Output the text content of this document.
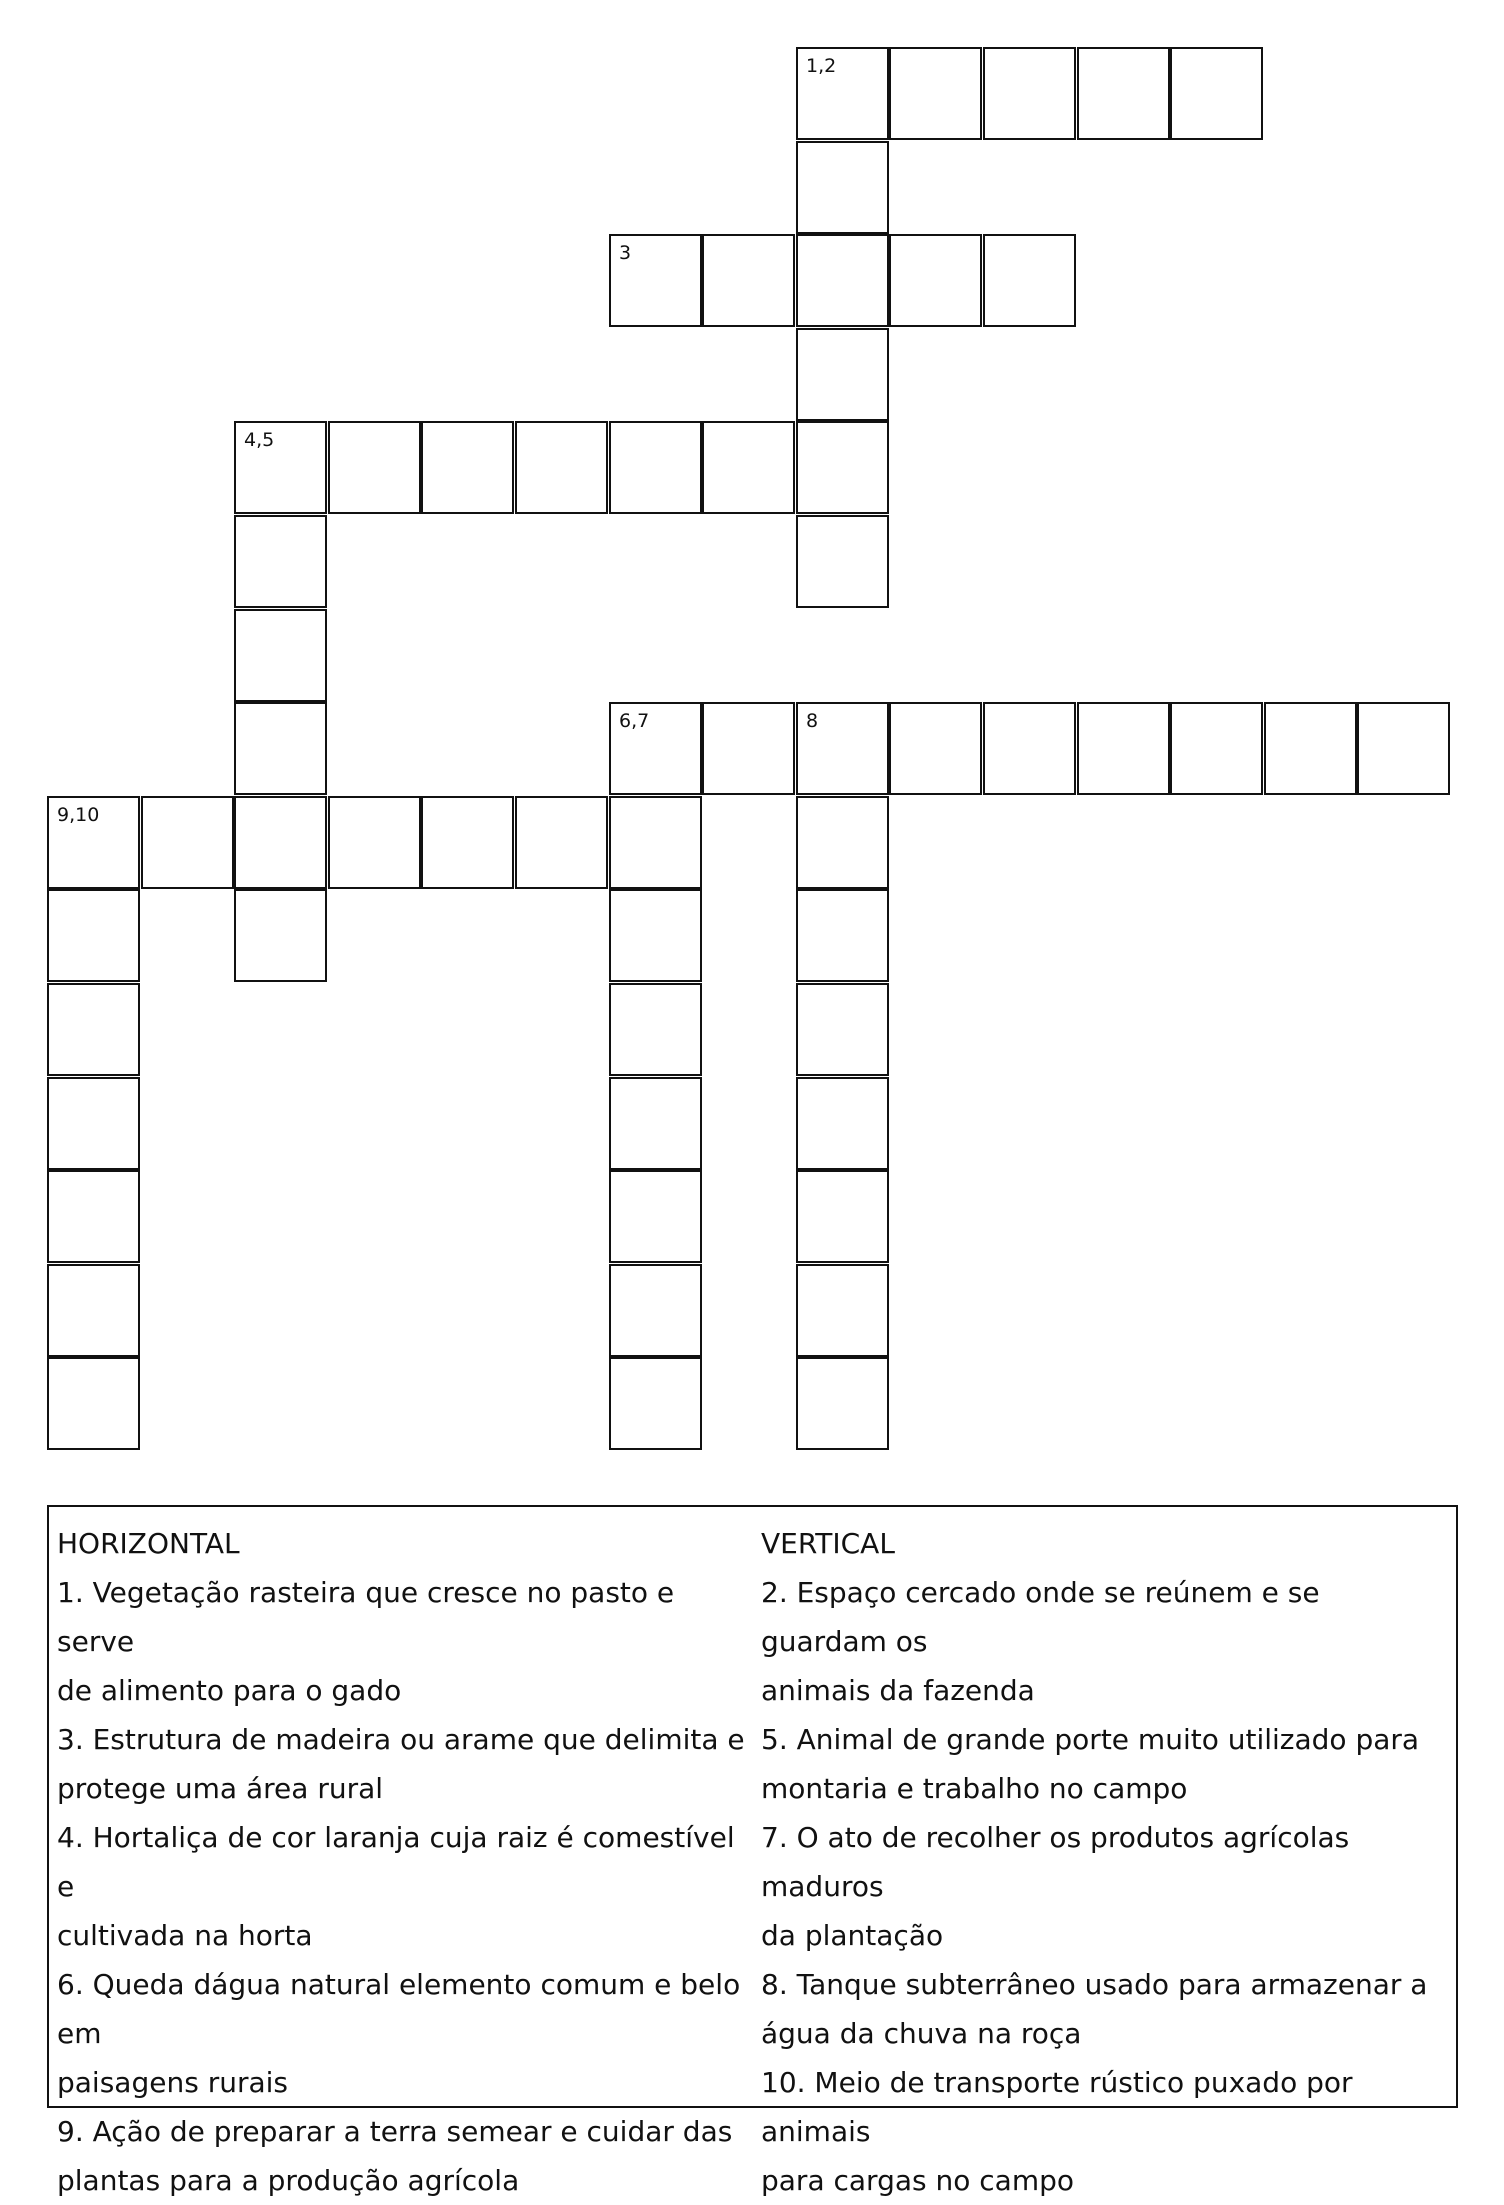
1,2
3
4,5
6,7	8
9,10
HORIZONTAL
1. Vegetação rasteira que cresce no pasto e serve
de alimento para o gado
3. Estrutura de madeira ou arame que delimita e
protege uma área rural
4. Hortaliça de cor laranja cuja raiz é comestível e
cultivada na horta
6. Queda dágua natural elemento comum e belo em
paisagens rurais
9. Ação de preparar a terra semear e cuidar das
plantas para a produção agrícola
VERTICAL
2. Espaço cercado onde se reúnem e se guardam os
animais da fazenda
5. Animal de grande porte muito utilizado para
montaria e trabalho no campo
7. O ato de recolher os produtos agrícolas maduros
da plantação
8. Tanque subterrâneo usado para armazenar a
água da chuva na roça
10. Meio de transporte rústico puxado por animais
para cargas no campo
